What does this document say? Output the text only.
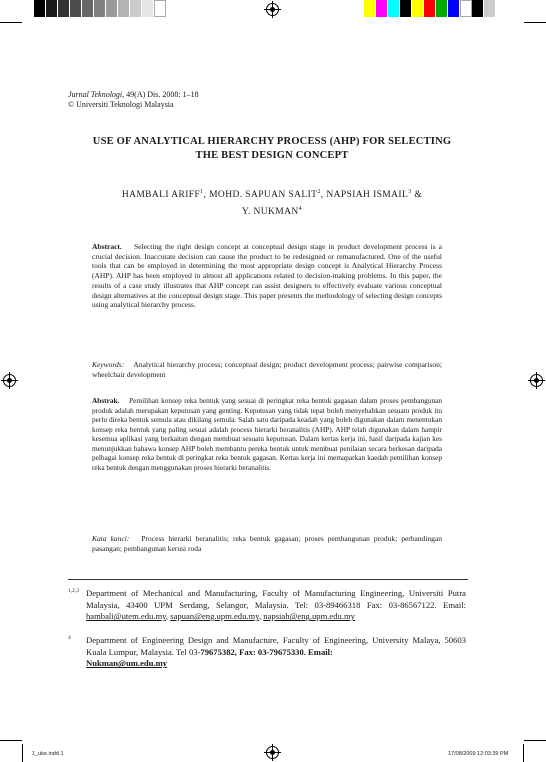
Jurnal Teknologi, 49(A) Dis. 2008: 1–18
© Universiti Teknologi Malaysia
USE OF ANALYTICAL HIERARCHY PROCESS (AHP) FOR SELECTING
THE BEST DESIGN CONCEPT
HAMBALI ARIFF$^1$, MOHD. SAPUAN SALIT$^2$, NAPSIAH ISMAIL$^3$ &
Y. NUKMAN$^4$
Abstract. Selecting the right design concept at conceptual design stage in product development process is a crucial decision. Inaccurate decision can cause the product to be redesigned or remanufactured. One of the useful tools that can be employed in determining the most appropriate design concept is Analytical Hierarchy Process (AHP). AHP has been employed in almost all applications related to decision-making problems. In this paper, the results of a case study illustrates that AHP concept can assist designers to effectively evaluate various conceptual design alternatives at the conceptual design stage. This paper presents the methodology of selecting design concepts using analytical hierarchy process.
Keywords: Analytical hierarchy process; conceptual design; product development process; pairwise comparison; wheelchair development
Abstrak. Pemilihan konsep reka bentuk yang sesuai di peringkat reka bentuk gagasan dalam proses pembangunan produk adalah merupakan keputusan yang genting. Keputusan yang tidak tepat boleh menyebabkan sesuatu produk itu perlu direka bentuk semula atau dikilang semula. Salah satu daripada keadah yang boleh digunakan dalam menentukan konsep reka bentuk yang paling sesuai adalah process hierarki beranalitis (AHP). AHP telah digunakan dalam hampir kesemua aplikasi yang berkaitan dengan membuat sesuatu keputusan. Dalam kertas kerja ini, hasil daripada kajian kes menunjukkan bahawa konsep AHP boleh membantu pereka bentuk untuk membuat penilaian secara berkesan daripada pelbagai konsep reka bentuk di peringkat reka bentuk gagasan. Kertas kerja ini memaparkan kaedah pemilihan konsep reka bentuk dengan menggunakan proses hierarki beranalitis.
Kata kunci: Process hierarki beranalitis; reka bentuk gagasan; proses pembangunan produk; perbandingan pasangan; pembangunan kerusi roda
1,2,3 Department of Mechanical and Manufacturing, Faculty of Manufacturing Engineering, Universiti Putra Malaysia, 43400 UPM Serdang, Selangor, Malaysia. Tel: 03-89466318 Fax: 03-86567122. Email: hambali@utem.edu.my, sapuan@eng.upm.edu.my, napsiah@eng.upm.edu.my
4 Department of Engineering Design and Manufacture, Faculty of Engineering, University Malaya, 50603 Kuala Lumpur, Malaysia. Tel 03-79675382, Fax: 03-79675330. Email:
Nukman@um.edu.my
1_uke.indd 1	17/08/2009 12:03:39 PM
